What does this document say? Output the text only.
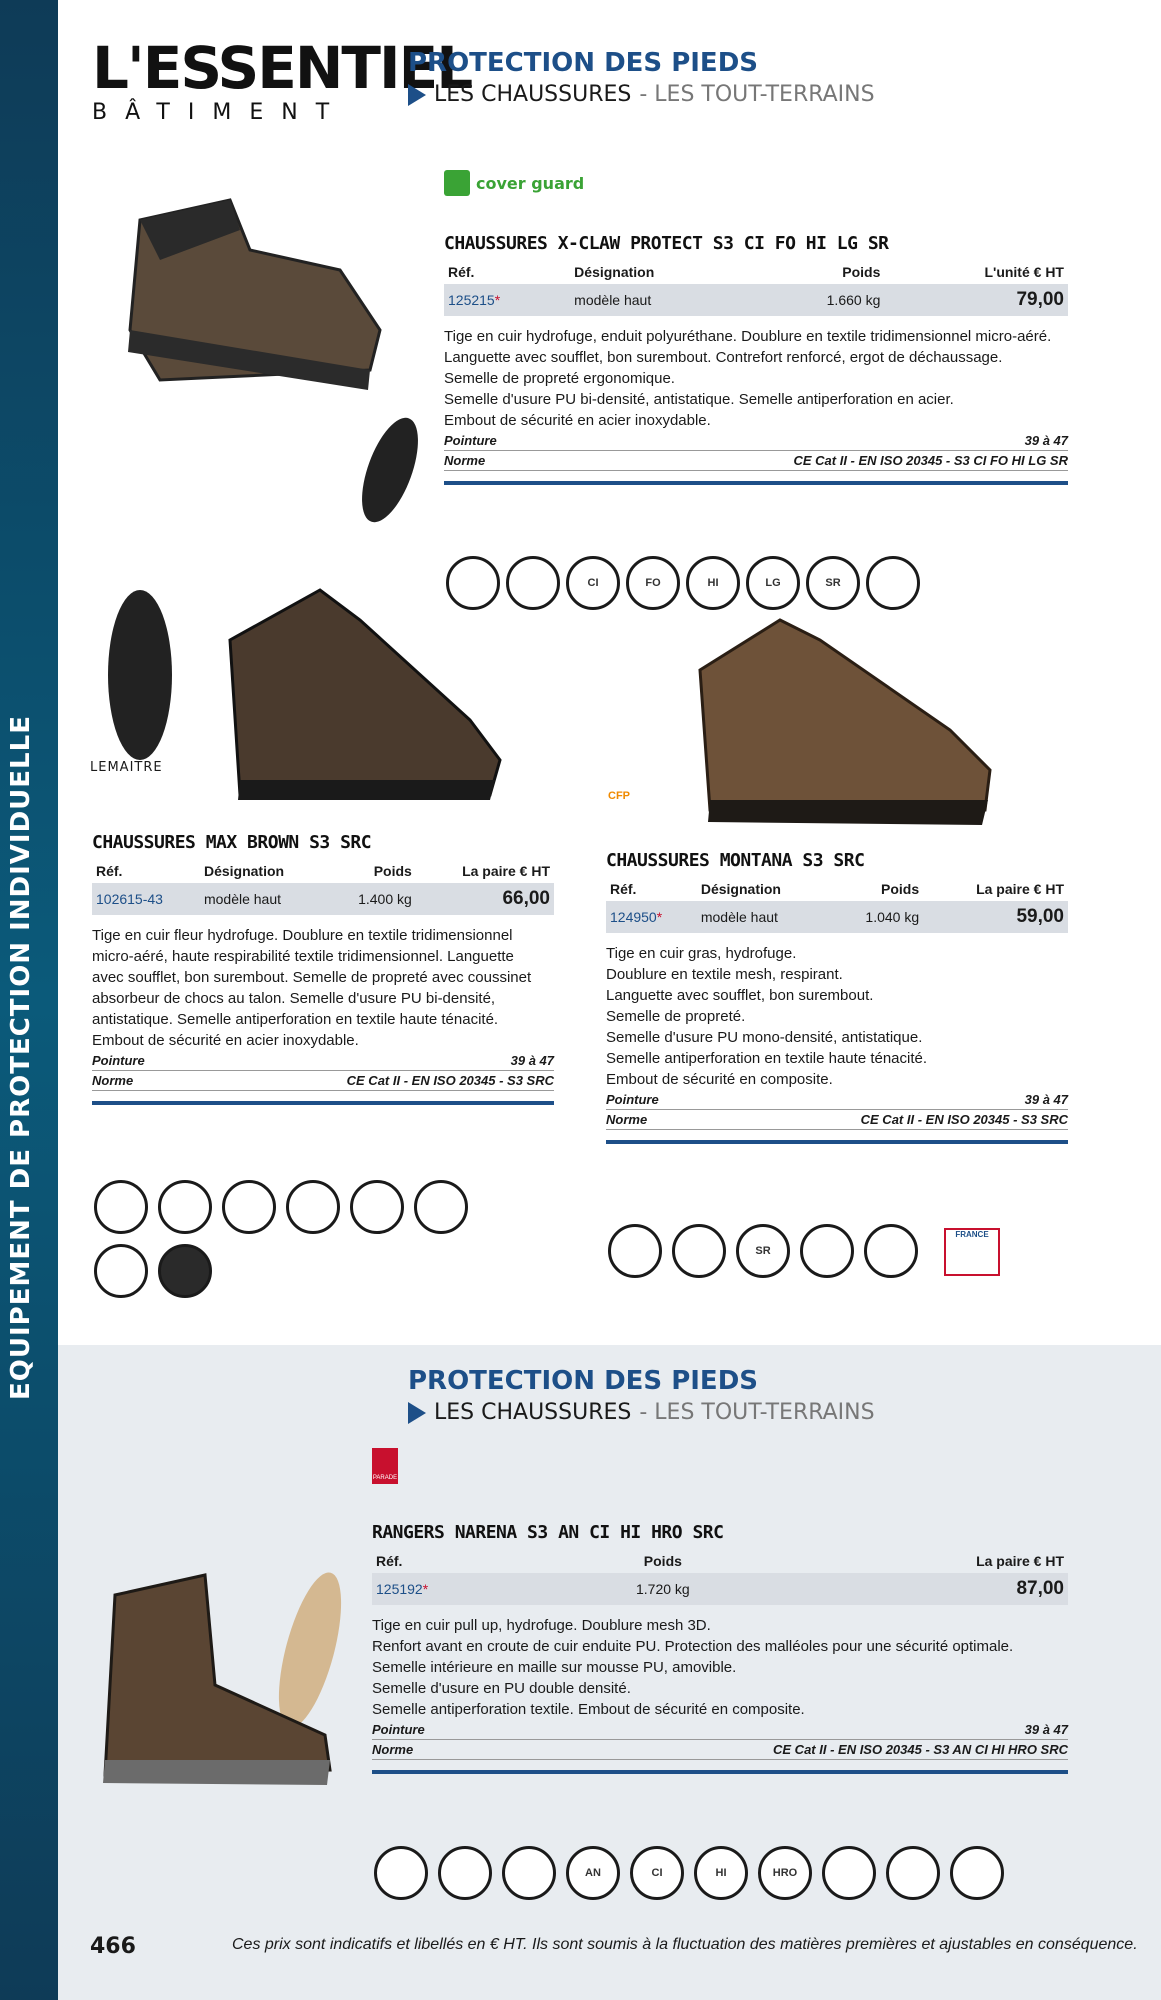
EQUIPEMENT DE PROTECTION INDIVIDUELLE
L'ESSENTIEL
BÂTIMENT
PROTECTION DES PIEDS
LES CHAUSSURES - LES TOUT-TERRAINS
cover guard
CHAUSSURES X-CLAW PROTECT S3 CI FO HI LG SR
Réf.	Désignation	Poids	L'unité € HT
125215*	modèle haut	1.660 kg	79,00
Tige en cuir hydrofuge, enduit polyuréthane. Doublure en textile tridimensionnel micro-aéré.
Languette avec soufflet, bon surembout. Contrefort renforcé, ergot de déchaussage.
Semelle de propreté ergonomique.
Semelle d'usure PU bi-densité, antistatique. Semelle antiperforation en acier.
Embout de sécurité en acier inoxydable.
Pointure	39 à 47
Norme	CE Cat II - EN ISO 20345 - S3 CI FO HI LG SR
CI	FO	HI	LG	SR
LEMAITRE
CHAUSSURES MAX BROWN S3 SRC
Réf.	Désignation	Poids	La paire € HT
102615-43	modèle haut	1.400 kg	66,00
Tige en cuir fleur hydrofuge. Doublure en textile tridimensionnel
micro-aéré, haute respirabilité textile tridimensionnel. Languette
avec soufflet, bon surembout. Semelle de propreté avec coussinet
absorbeur de chocs au talon. Semelle d'usure PU bi-densité,
antistatique. Semelle antiperforation en textile haute ténacité.
Embout de sécurité en acier inoxydable.
Pointure	39 à 47
Norme	CE Cat II - EN ISO 20345 - S3 SRC
CFP
CHAUSSURES MONTANA S3 SRC
Réf.	Désignation	Poids	La paire € HT
124950*	modèle haut	1.040 kg	59,00
Tige en cuir gras, hydrofuge.
Doublure en textile mesh, respirant.
Languette avec soufflet, bon surembout.
Semelle de propreté.
Semelle d'usure PU mono-densité, antistatique.
Semelle antiperforation en textile haute ténacité.
Embout de sécurité en composite.
Pointure	39 à 47
Norme	CE Cat II - EN ISO 20345 - S3 SRC
SR
FRANCE
PROTECTION DES PIEDS
LES CHAUSSURES - LES TOUT-TERRAINS
PARADE
RANGERS NARENA S3 AN CI HI HRO SRC
Réf.	Poids	La paire € HT
125192*	1.720 kg	87,00
Tige en cuir pull up, hydrofuge. Doublure mesh 3D.
Renfort avant en croute de cuir enduite PU. Protection des malléoles pour une sécurité optimale.
Semelle intérieure en maille sur mousse PU, amovible.
Semelle d'usure en PU double densité.
Semelle antiperforation textile. Embout de sécurité en composite.
Pointure	39 à 47
Norme	CE Cat II - EN ISO 20345 - S3 AN CI HI HRO SRC
AN	CI	HI	HRO
466	Ces prix sont indicatifs et libellés en € HT. Ils sont soumis à la fluctuation des matières premières et ajustables en conséquence.
